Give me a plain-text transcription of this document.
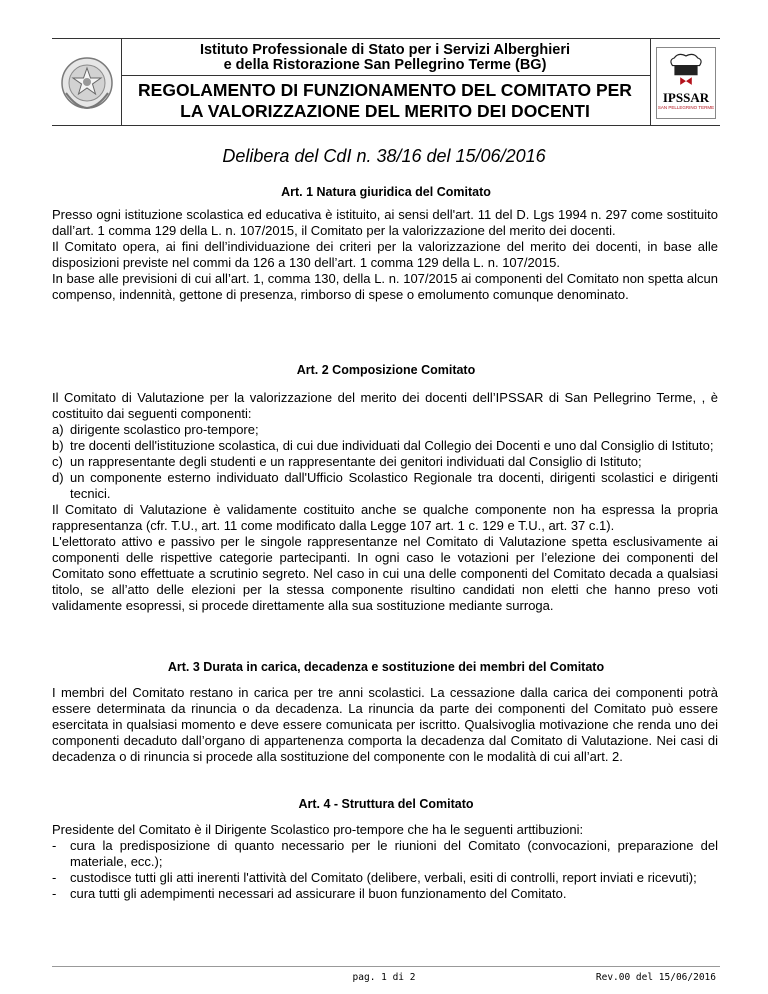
Istituto Professionale di Stato per i Servizi Alberghieri
e della Ristorazione San Pellegrino Terme (BG)
REGOLAMENTO DI FUNZIONAMENTO DEL COMITATO PER
LA VALORIZZAZIONE DEL MERITO DEI DOCENTI
IPSSAR
SAN PELLEGRINO TERME
Delibera del CdI n. 38/16 del 15/06/2016
Art. 1 Natura giuridica del Comitato

Presso ogni istituzione scolastica ed educativa è istituito, ai sensi dell'art. 11 del D. Lgs 1994 n. 297 come sostituito dall’art. 1 comma 129 della L. n. 107/2015, il Comitato per la valorizzazione del merito dei docenti.

Il Comitato opera, ai fini dell’individuazione dei criteri per la valorizzazione del merito dei docenti, in base alle disposizioni previste nel commi da 126 a 130 dell’art. 1 comma 129 della L. n. 107/2015.

In base alle previsioni di cui all’art. 1, comma 130, della L. n. 107/2015 ai componenti del Comitato non spetta alcun compenso, indennità, gettone di presenza, rimborso di spese o emolumento comunque denominato.

Art. 2 Composizione Comitato

Il Comitato di Valutazione per la valorizzazione del merito dei docenti dell’IPSSAR di San Pellegrino Terme, , è costituito dai seguenti componenti:

a) dirigente scolastico pro-tempore;
b) tre docenti dell'istituzione scolastica, di cui due individuati dal Collegio dei Docenti e uno dal Consiglio di Istituto;
c) un rappresentante degli studenti e un rappresentante dei genitori individuati dal Consiglio di Istituto;
d) un componente esterno individuato dall'Ufficio Scolastico Regionale tra docenti, dirigenti scolastici e dirigenti tecnici.

Il Comitato di Valutazione è validamente costituito anche se qualche componente non ha espressa la propria rappresentanza (cfr. T.U., art. 11 come modificato dalla Legge 107 art. 1 c. 129 e T.U., art. 37 c.1).

L'elettorato attivo e passivo per le singole rappresentanze nel Comitato di Valutazione spetta esclusivamente ai componenti delle rispettive categorie partecipanti. In ogni caso le votazioni per l’elezione dei componenti del Comitato sono effettuate a scrutinio segreto. Nel caso in cui una delle componenti del Comitato decada a qualsiasi titolo, se all’atto delle elezioni per la stessa componente risultino candidati non eletti che hanno preso voti validamente esopressi, si procede direttamente alla sua sostituzione mediante surroga.

Art. 3 Durata in carica, decadenza e sostituzione dei membri del Comitato

I membri del Comitato restano in carica per tre anni scolastici. La cessazione dalla carica dei componenti potrà essere determinata da rinuncia o da decadenza. La rinuncia da parte dei componenti del Comitato può essere esercitata in qualsiasi momento e deve essere comunicata per iscritto. Qualsivoglia motivazione che renda uno dei componenti decaduto dall’organo di appartenenza comporta la decadenza dal Comitato di Valutazione. Nei casi di decadenza o di rinuncia si procede alla sostituzione del componente con le modalità di cui all’art. 2.

Art. 4 - Struttura del Comitato

Presidente del Comitato è il Dirigente Scolastico pro-tempore che ha le seguenti arttibuzioni:

- cura la predisposizione di quanto necessario per le riunioni del Comitato (convocazioni, preparazione del materiale, ecc.);
- custodisce tutti gli atti inerenti l'attività del Comitato (delibere, verbali, esiti di controlli, report inviati e ricevuti);
- cura tutti gli adempimenti necessari ad assicurare il buon funzionamento del Comitato.
pag. 1 di 2	Rev.00 del 15/06/2016
